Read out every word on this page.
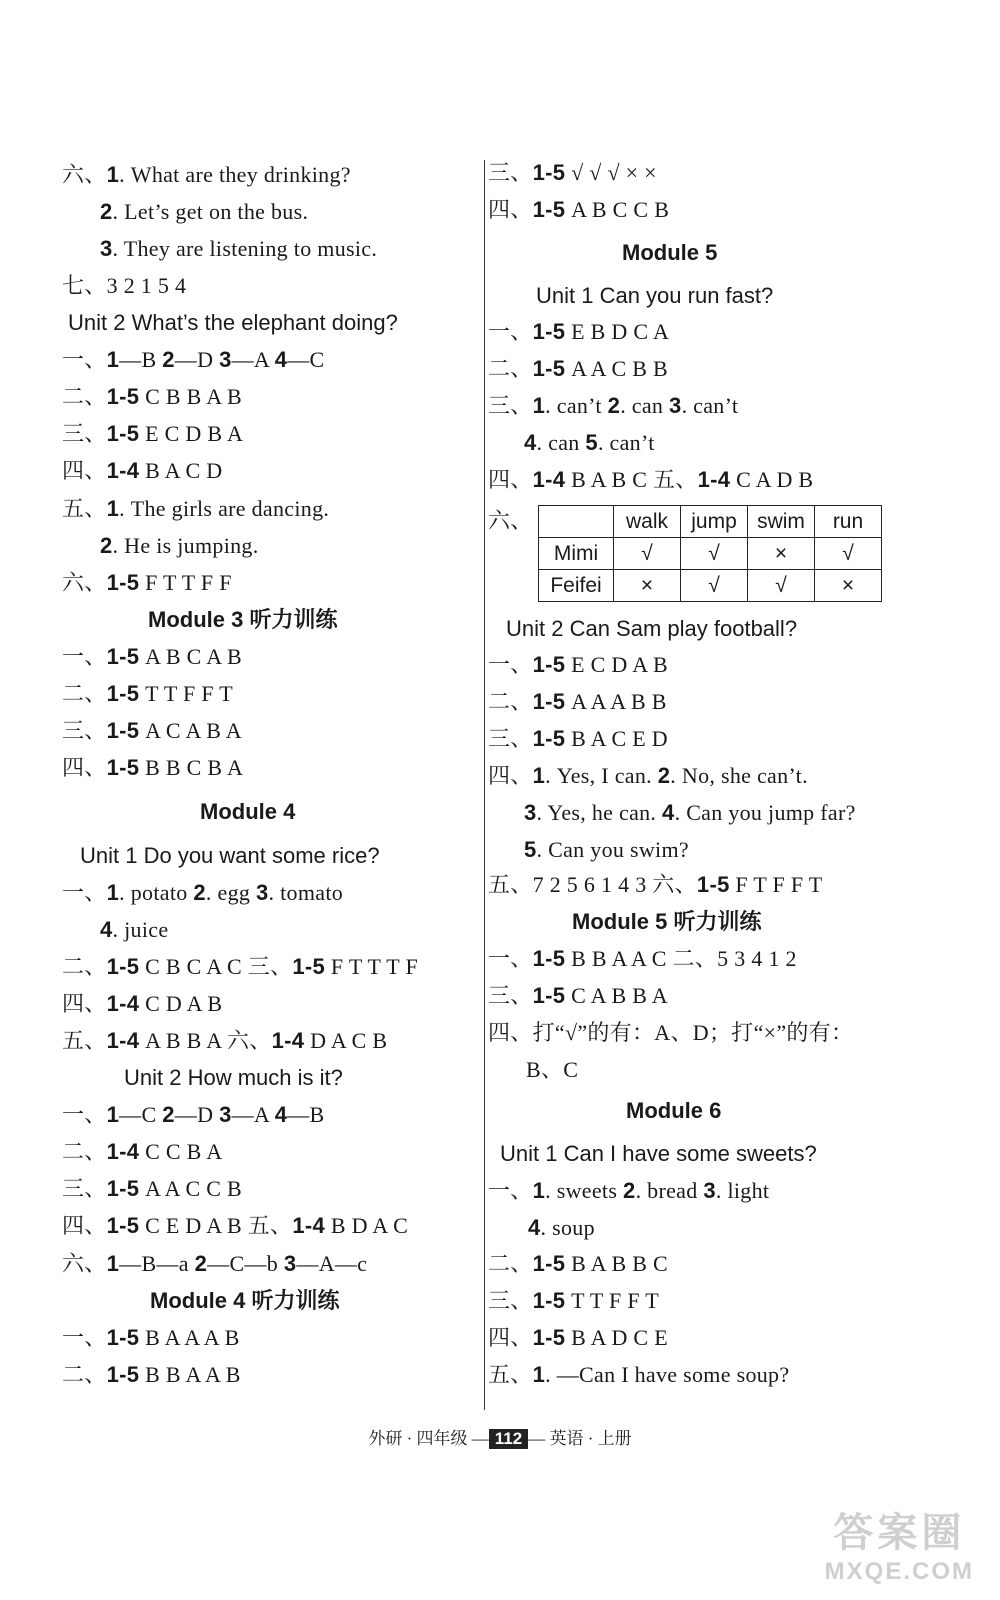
六、1. What are they drinking?
2. Let’s get on the bus.
3. They are listening to music.
七、3 2 1 5 4
Unit 2 What’s the elephant doing?
一、1—B 2—D 3—A 4—C
二、1-5 C B B A B
三、1-5 E C D B A
四、1-4 B A C D
五、1. The girls are dancing.
2. He is jumping.
六、1-5 F T T F F
Module 3 听力训练
一、1-5 A B C A B
二、1-5 T T F F T
三、1-5 A C A B A
四、1-5 B B C B A
Module 4
Unit 1 Do you want some rice?
一、1. potato 2. egg 3. tomato
4. juice
二、1-5 C B C A C 三、1-5 F T T T F
四、1-4 C D A B
五、1-4 A B B A 六、1-4 D A C B
Unit 2 How much is it?
一、1—C 2—D 3—A 4—B
二、1-4 C C B A
三、1-5 A A C C B
四、1-5 C E D A B 五、1-4 B D A C
六、1—B—a 2—C—b 3—A—c
Module 4 听力训练
一、1-5 B A A A B
二、1-5 B B A A B
三、1-5 √ √ √ × ×
四、1-5 A B C C B
Module 5
Unit 1 Can you run fast?
一、1-5 E B D C A
二、1-5 A A C B B
三、1. can’t 2. can 3. can’t
4. can 5. can’t
四、1-4 B A B C 五、1-4 C A D B
六、
		walk	jump	swim	run
Mimi	√	√	×	√
Feifei	×	√	√	×
Unit 2 Can Sam play football?
一、1-5 E C D A B
二、1-5 A A A B B
三、1-5 B A C E D
四、1. Yes, I can. 2. No, she can’t.
3. Yes, he can. 4. Can you jump far?
5. Can you swim?
五、7 2 5 6 1 4 3 六、1-5 F T F F T
Module 5 听力训练
一、1-5 B B A A C 二、5 3 4 1 2
三、1-5 C A B B A
四、打“√”的有：A、D；打“×”的有：
B、C
Module 6
Unit 1 Can I have some sweets?
一、1. sweets 2. bread 3. light
4. soup
二、1-5 B A B B C
三、1-5 T T F F T
四、1-5 B A D C E
五、1. —Can I have some soup?
外研 · 四年级 — 112 — 英语 · 上册
答案圈
MXQE.COM
